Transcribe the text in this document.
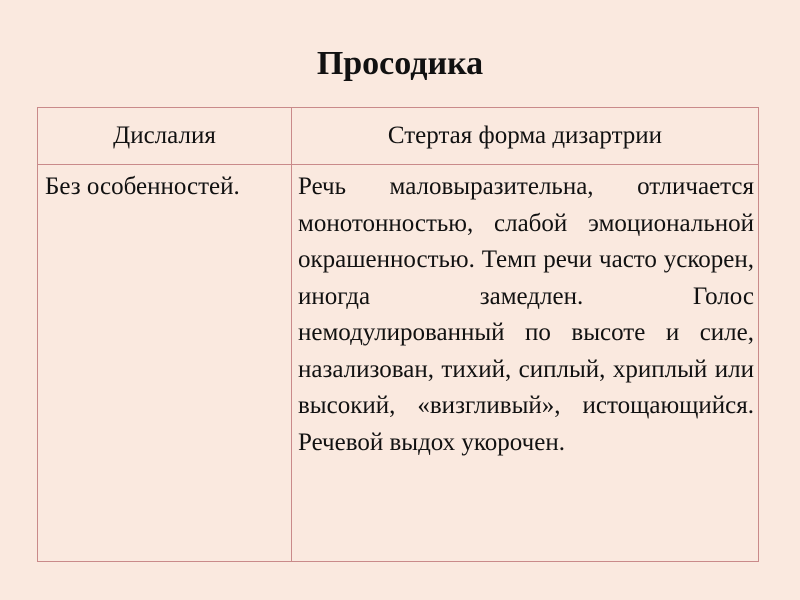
Просодика
Дислалия	Стертая форма дизартрии
Без особенностей.	Речь маловыразительна, отличается монотонностью, слабой эмоциональной окрашенностью. Темп речи часто ускорен, иногда замедлен. Голос немодулированный по высоте и силе, назализован, тихий, сиплый, хриплый или высокий, «визгливый», истощающийся. Речевой выдох укорочен.
